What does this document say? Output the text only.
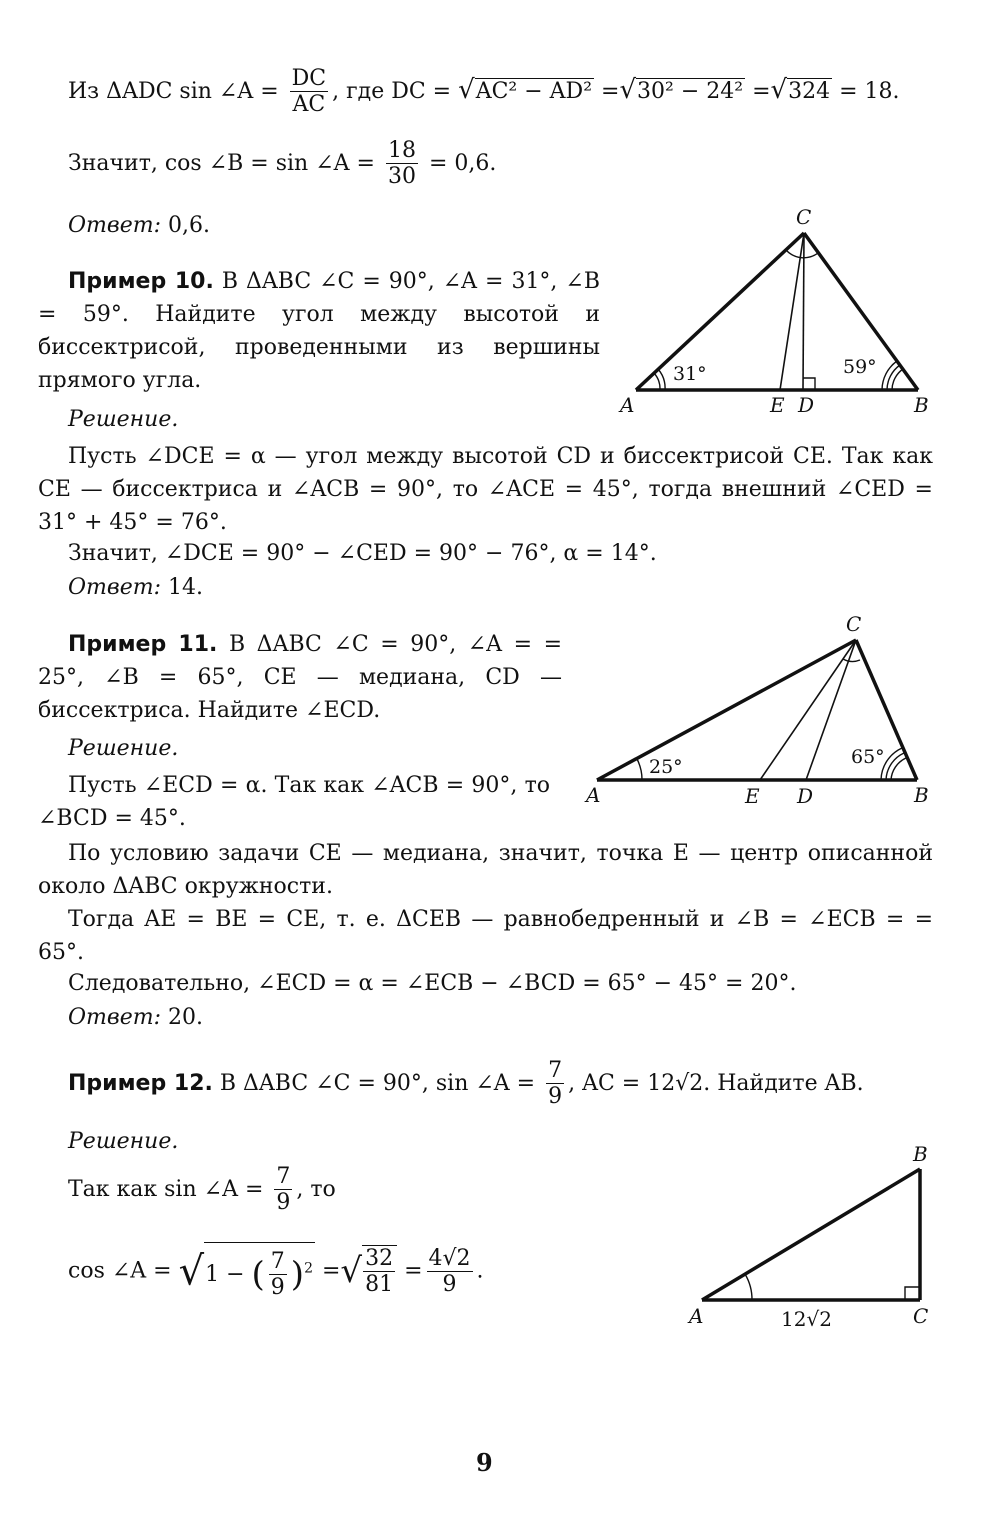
Из ΔADC sin ∠A = $\frac{DC}{AC}$ , где DC = √AC² − AD² =√30² − 24² =√324 = 18.
Значит, cos ∠B = sin ∠A = $\frac{18}{30} = 0,6$.
Ответ: 0,6.
Пример 10. В ΔABC ∠C = 90°, ∠A = 31°, ∠B = 59°. Найдите угол между высотой и биссектрисой, проведенными из вершины прямого угла.
Решение.
Пусть ∠DCE = α — угол между высотой CD и биссектрисой CE. Так как CE — биссектриса и ∠ACB = 90°, то ∠ACE = 45°, тогда внешний ∠CED = 31° + 45° = 76°.
Значит, ∠DCE = 90° − ∠CED = 90° − 76°, α = 14°.
Ответ: 14.
C
A	E D	B
31°	59°
Пример 11. В ΔABC ∠C = 90°, ∠A = = 25°, ∠B = 65°, CE — медиана, CD — биссектриса. Найдите ∠ECD.
Решение.
Пусть ∠ECD = α. Так как ∠ACB = 90°, то ∠BCD = 45°.
По условию задачи CE — медиана, значит, точка E — центр описанной около ΔABC окружности.
Тогда AE = BE = CE, т. е. ΔCEB — равнобедренный и ∠B = ∠ECB = = 65°.
Следовательно, ∠ECD = α = ∠ECB − ∠BCD = 65° − 45° = 20°.
Ответ: 20.
C
A	E D	B
25°	65°
Пример 12. В ΔABC ∠C = 90°, sin ∠A = $\frac{7}{9}$ , AC = 12√2. Найдите AB.
Решение.
Так как sin ∠A = $\frac{7}{9}$ , то
cos ∠A = √1 − ( $\frac{7}{9} )^2$ =√ $\frac{32}{81} = \frac{4√2}{9}$ .
B
A	C
12√2
9
